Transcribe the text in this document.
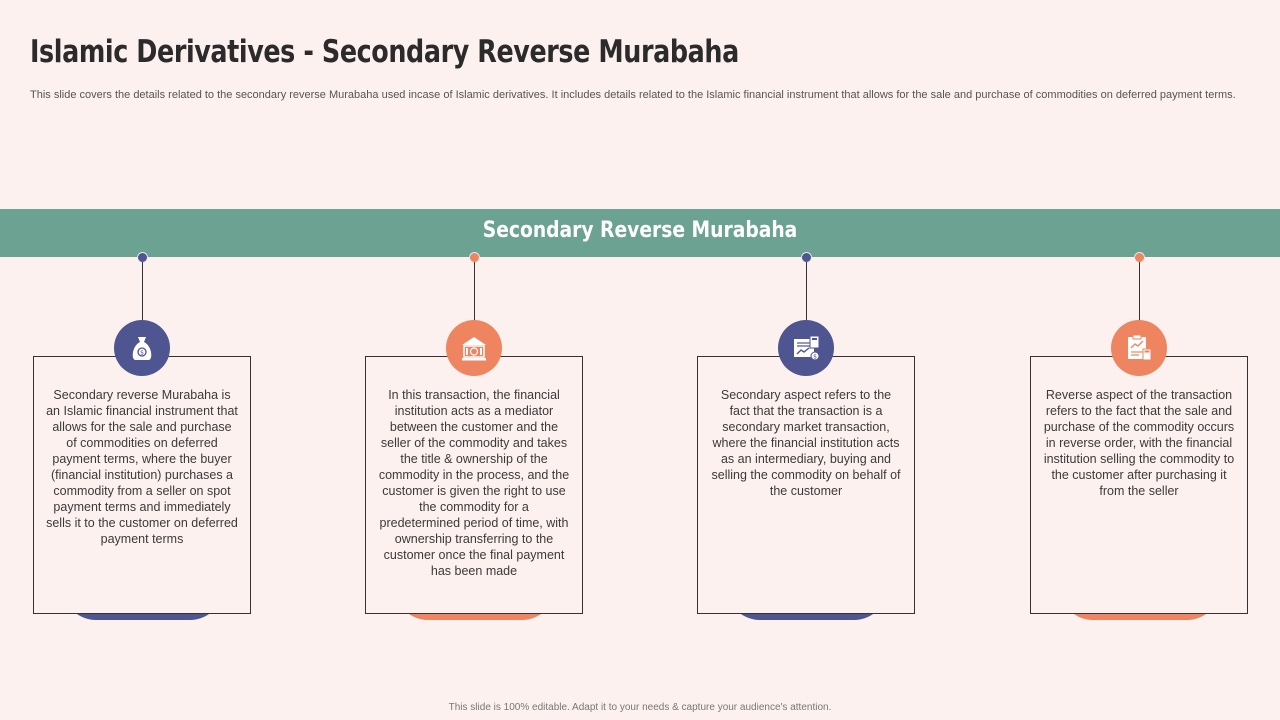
Islamic Derivatives - Secondary Reverse Murabaha
This slide covers the details related to the secondary reverse Murabaha used incase of Islamic derivatives. It includes details related to the Islamic financial instrument that allows for the sale and purchase of commodities on deferred payment terms.
Secondary Reverse Murabaha
Secondary reverse Murabaha is an Islamic financial instrument that allows for the sale and purchase of commodities on deferred payment terms, where the buyer (financial institution) purchases a commodity from a seller on spot payment terms and immediately sells it to the customer on deferred payment terms
$
In this transaction, the financial institution acts as a mediator between the customer and the seller of the commodity and takes the title & ownership of the commodity in the process, and the customer is given the right to use the commodity for a predetermined period of time, with ownership transferring to the customer once the final payment has been made
Secondary aspect refers to the fact that the transaction is a secondary market transaction, where the financial institution acts as an intermediary, buying and selling the commodity on behalf of the customer
$
Reverse aspect of the transaction refers to the fact that the sale and purchase of the commodity occurs in reverse order, with the financial institution selling the commodity to the customer after purchasing it from the seller
This slide is 100% editable. Adapt it to your needs & capture your audience's attention.
